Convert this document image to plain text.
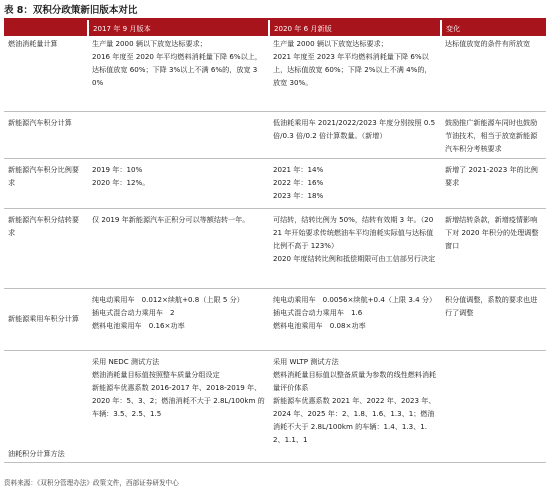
表 8：双积分政策新旧版本对比
	2017 年 9 月版本	2020 年 6 月新版	变化
燃油消耗量计算	生产量 2000 辆以下放宽达标要求；
2016 年度至 2020 年平均燃料消耗量下降 6%以上，达标值放宽 60%；下降 3%以上不满 6%的，放宽 30%	生产量 2000 辆以下放宽达标要求；
2021 年度至 2023 年平均燃料消耗量下降 6%以上，达标值放宽 60%；下降 2%以上不满 4%的，放宽 30%。	达标值放宽的条件有所放宽

新能源汽车积分计算		低油耗乘用车 2021/2022/2023 年度分别按照 0.5 倍/0.3 倍/0.2 倍计算数量。（新增）	鼓励推广新能源车同时也鼓励节油技术，相当于放宽新能源汽车积分考核要求

新能源汽车积分比例要求	2019 年：10%
2020 年：12%。	2021 年：14%
2022 年：16%
2023 年：18%	新增了 2021-2023 年的比例要求

新能源汽车积分结转要求	仅 2019 年新能源汽车正积分可以等额结转一年。	可结转，结转比例为 50%，结转有效期 3 年。（2021 年开始要求传统燃油车平均油耗实际值与达标值比例不高于 123%）
2020 年度结转比例和抵偿期限可由工信部另行决定	新增结转条款，新增疫情影响下对 2020 年积分的处理调整窗口

新能源乘用车积分计算	纯电动乘用车　0.012×续航+0.8（上限 5 分）
插电式混合动力乘用车　2
燃料电池乘用车　0.16×功率	纯电动乘用车　0.0056×续航+0.4（上限 3.4 分）
插电式混合动力乘用车　1.6
燃料电池乘用车　0.08×功率	积分值调整，系数的要求也进行了调整

油耗积分计算方法	采用 NEDC 测试方法
燃油消耗量目标值按照整车质量分组设定
新能源车优惠系数 2016-2017 年、2018-2019 年、2020 年：5、3、2；燃油消耗不大于 2.8L/100km 的车辆：3.5、2.5、1.5	采用 WLTP 测试方法
燃料消耗量目标值以整备质量为参数的线性燃料消耗量评价体系
新能源车优惠系数 2021 年、2022 年、2023 年、2024 年、2025 年：2、1.8、1.6、1.3、1；燃油消耗不大于 2.8L/100km 的车辆：1.4、1.3、1.2、1.1、1	

资料来源：《双积分管理办法》政策文件，西部证券研发中心
